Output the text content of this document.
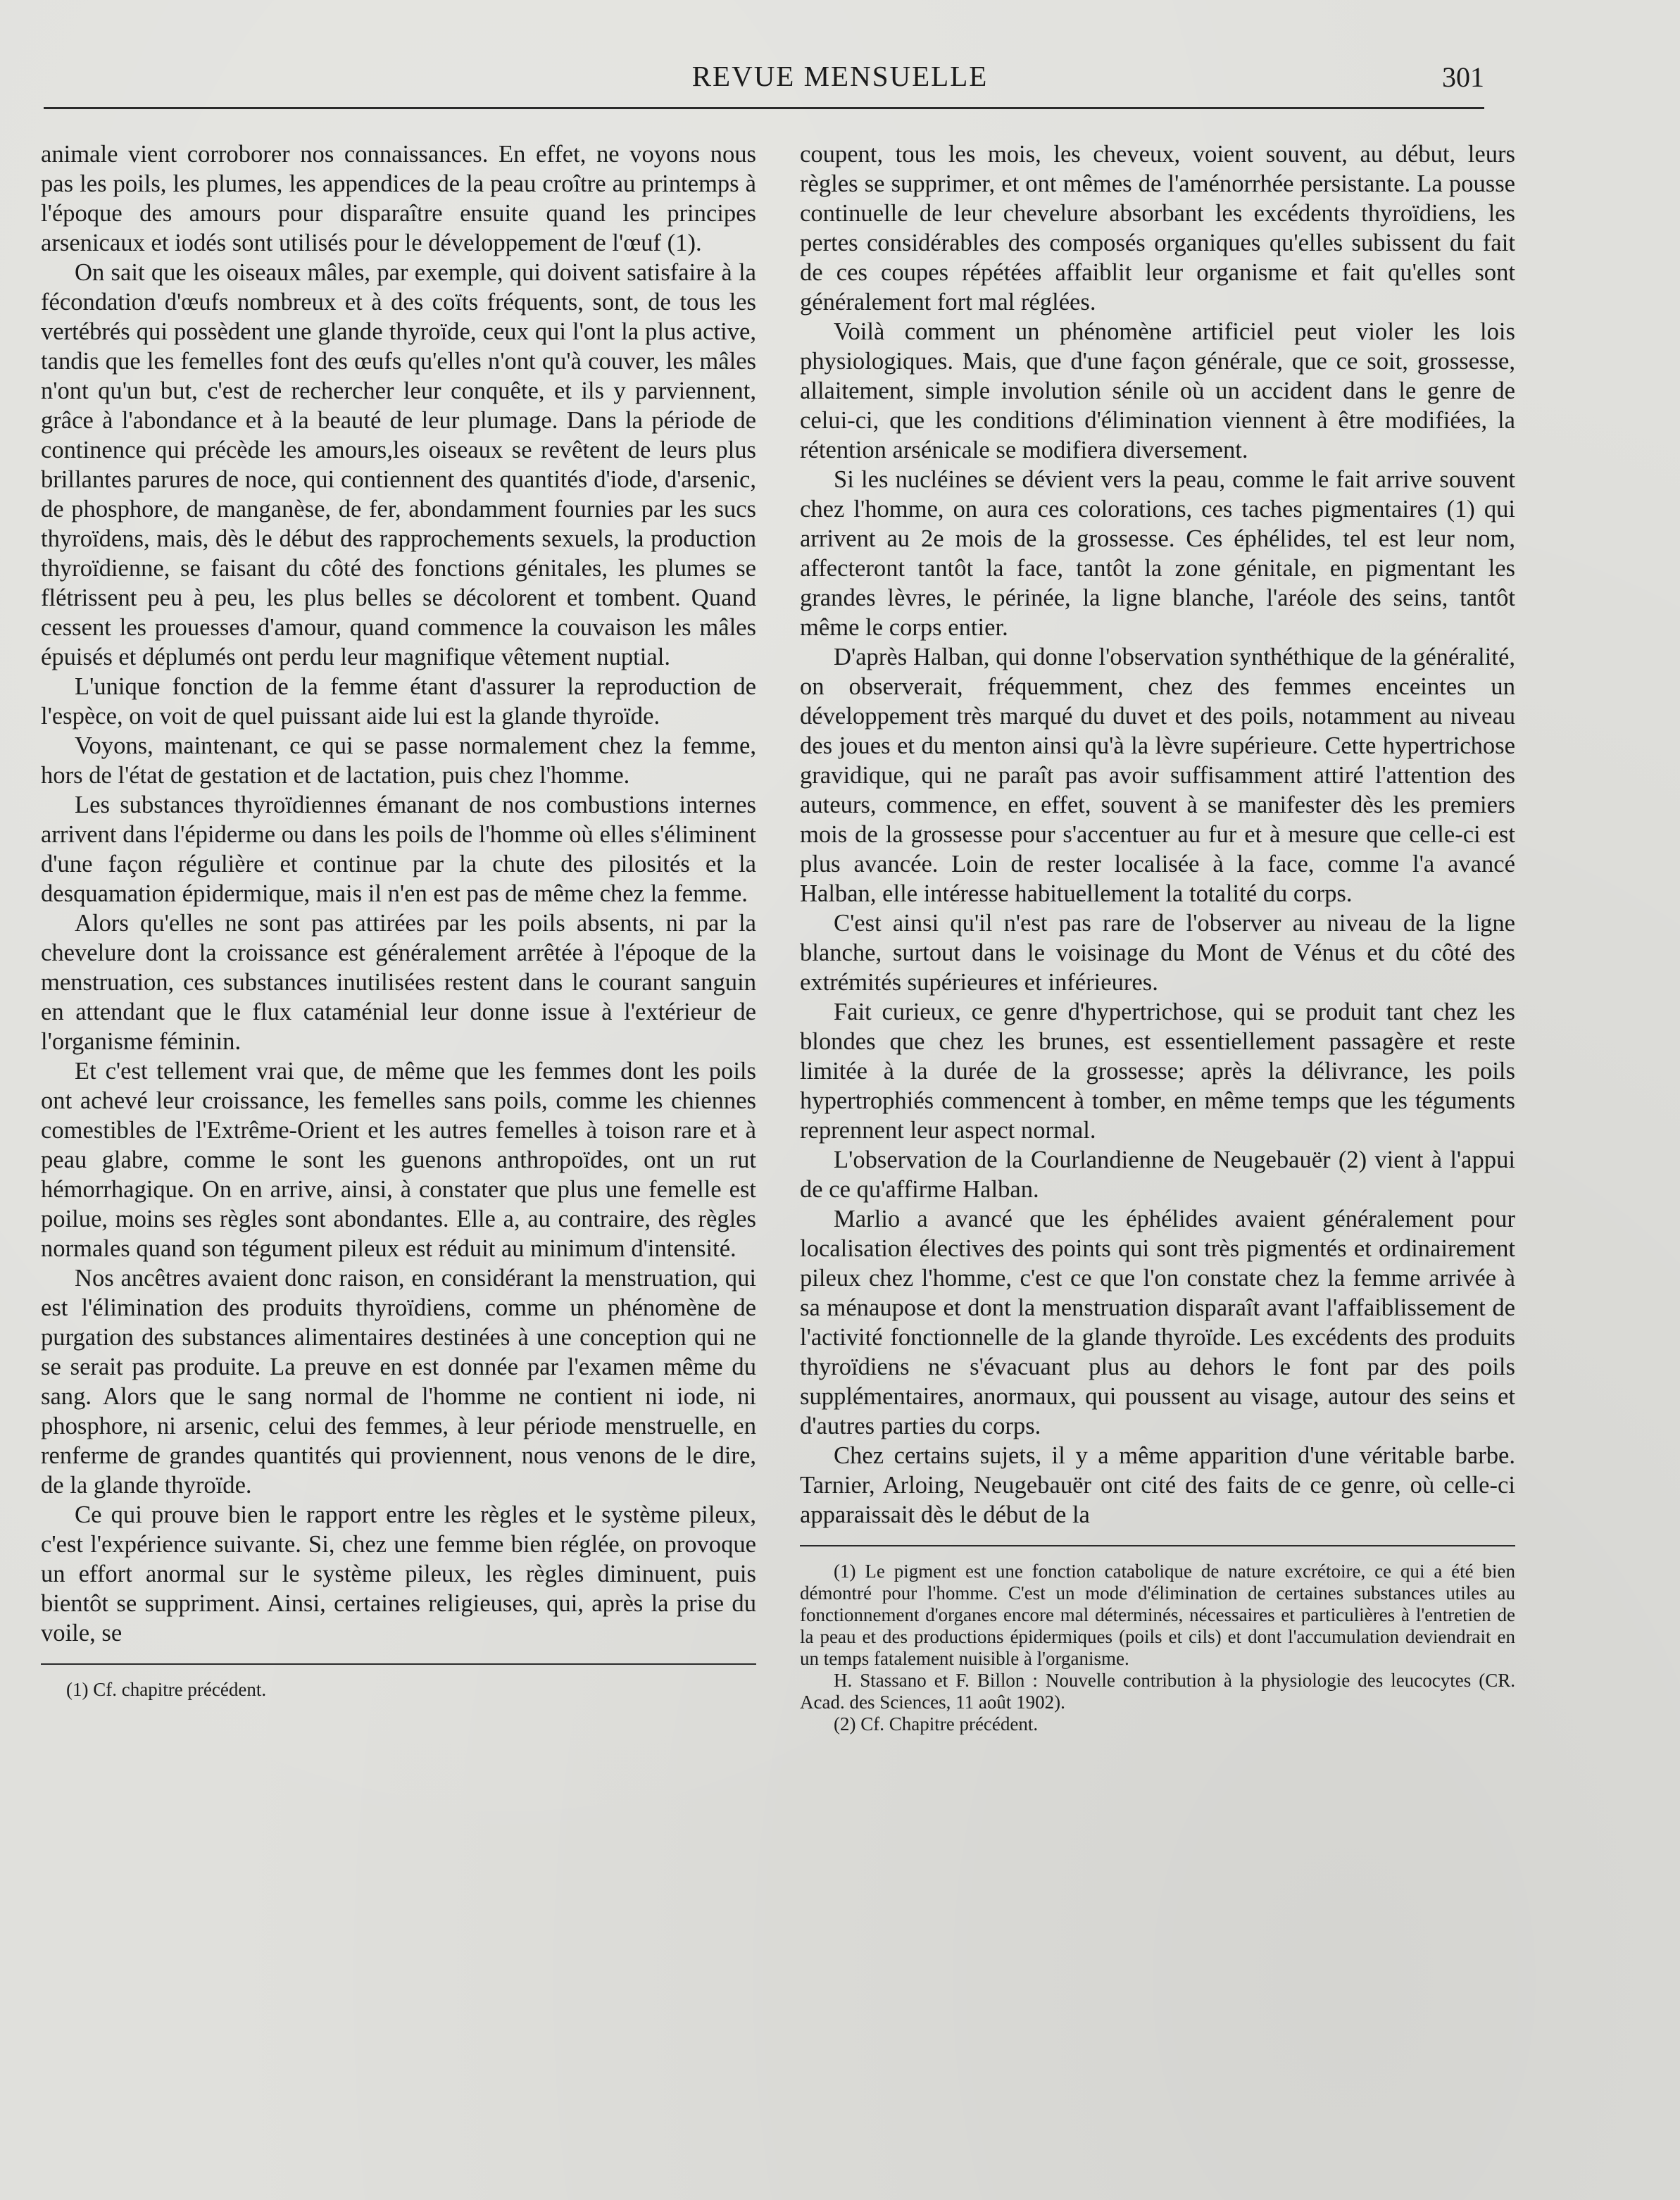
REVUE MENSUELLE	301

animale vient corroborer nos connaissances. En effet, ne voyons nous pas les poils, les plumes, les appendices de la peau croître au printemps à l'époque des amours pour disparaître ensuite quand les principes arsenicaux et iodés sont utilisés pour le développement de l'œuf (1).

On sait que les oiseaux mâles, par exemple, qui doivent satisfaire à la fécondation d'œufs nombreux et à des coïts fréquents, sont, de tous les vertébrés qui possèdent une glande thyroïde, ceux qui l'ont la plus active, tandis que les femelles font des œufs qu'elles n'ont qu'à couver, les mâles n'ont qu'un but, c'est de rechercher leur conquête, et ils y parviennent, grâce à l'abondance et à la beauté de leur plumage. Dans la période de continence qui précède les amours,les oiseaux se revêtent de leurs plus brillantes parures de noce, qui contiennent des quantités d'iode, d'arsenic, de phosphore, de manganèse, de fer, abondamment fournies par les sucs thyroïdens, mais, dès le début des rapprochements sexuels, la production thyroïdienne, se faisant du côté des fonctions génitales, les plumes se flétrissent peu à peu, les plus belles se décolorent et tombent. Quand cessent les prouesses d'amour, quand commence la couvaison les mâles épuisés et déplumés ont perdu leur magnifique vêtement nuptial.

L'unique fonction de la femme étant d'assurer la reproduction de l'espèce, on voit de quel puissant aide lui est la glande thyroïde.

Voyons, maintenant, ce qui se passe normalement chez la femme, hors de l'état de gestation et de lactation, puis chez l'homme.

Les substances thyroïdiennes émanant de nos combustions internes arrivent dans l'épiderme ou dans les poils de l'homme où elles s'éliminent d'une façon régulière et continue par la chute des pilosités et la desquamation épidermique, mais il n'en est pas de même chez la femme.

Alors qu'elles ne sont pas attirées par les poils absents, ni par la chevelure dont la croissance est généralement arrêtée à l'époque de la menstruation, ces substances inutilisées restent dans le courant sanguin en attendant que le flux cataménial leur donne issue à l'extérieur de l'organisme féminin.

Et c'est tellement vrai que, de même que les femmes dont les poils ont achevé leur croissance, les femelles sans poils, comme les chiennes comestibles de l'Extrême-Orient et les autres femelles à toison rare et à peau glabre, comme le sont les guenons anthropoïdes, ont un rut hémorrhagique. On en arrive, ainsi, à constater que plus une femelle est poilue, moins ses règles sont abondantes. Elle a, au contraire, des règles normales quand son tégument pileux est réduit au minimum d'intensité.

Nos ancêtres avaient donc raison, en considérant la menstruation, qui est l'élimination des produits thyroïdiens, comme un phénomène de purgation des substances alimentaires destinées à une conception qui ne se serait pas produite. La preuve en est donnée par l'examen même du sang. Alors que le sang normal de l'homme ne contient ni iode, ni phosphore, ni arsenic, celui des femmes, à leur période menstruelle, en renferme de grandes quantités qui proviennent, nous venons de le dire, de la glande thyroïde.

Ce qui prouve bien le rapport entre les règles et le système pileux, c'est l'expérience suivante. Si, chez une femme bien réglée, on provoque un effort anormal sur le système pileux, les règles diminuent, puis bientôt se suppriment. Ainsi, certaines religieuses, qui, après la prise du voile, se

(1) Cf. chapitre précédent.

coupent, tous les mois, les cheveux, voient souvent, au début, leurs règles se supprimer, et ont mêmes de l'aménorrhée persistante. La pousse continuelle de leur chevelure absorbant les excédents thyroïdiens, les pertes considérables des composés organiques qu'elles subissent du fait de ces coupes répétées affaiblit leur organisme et fait qu'elles sont généralement fort mal réglées.

Voilà comment un phénomène artificiel peut violer les lois physiologiques. Mais, que d'une façon générale, que ce soit, grossesse, allaitement, simple involution sénile où un accident dans le genre de celui-ci, que les conditions d'élimination viennent à être modifiées, la rétention arsénicale se modifiera diversement.

Si les nucléines se dévient vers la peau, comme le fait arrive souvent chez l'homme, on aura ces colorations, ces taches pigmentaires (1) qui arrivent au 2e mois de la grossesse. Ces éphélides, tel est leur nom, affecteront tantôt la face, tantôt la zone génitale, en pigmentant les grandes lèvres, le périnée, la ligne blanche, l'aréole des seins, tantôt même le corps entier.

D'après Halban, qui donne l'observation synthéthique de la généralité, on observerait, fréquemment, chez des femmes enceintes un développement très marqué du duvet et des poils, notamment au niveau des joues et du menton ainsi qu'à la lèvre supérieure. Cette hypertrichose gravidique, qui ne paraît pas avoir suffisamment attiré l'attention des auteurs, commence, en effet, souvent à se manifester dès les premiers mois de la grossesse pour s'accentuer au fur et à mesure que celle-ci est plus avancée. Loin de rester localisée à la face, comme l'a avancé Halban, elle intéresse habituellement la totalité du corps.

C'est ainsi qu'il n'est pas rare de l'observer au niveau de la ligne blanche, surtout dans le voisinage du Mont de Vénus et du côté des extrémités supérieures et inférieures.

Fait curieux, ce genre d'hypertrichose, qui se produit tant chez les blondes que chez les brunes, est essentiellement passagère et reste limitée à la durée de la grossesse; après la délivrance, les poils hypertrophiés commencent à tomber, en même temps que les téguments reprennent leur aspect normal.

L'observation de la Courlandienne de Neugebauër (2) vient à l'appui de ce qu'affirme Halban.

Marlio a avancé que les éphélides avaient généralement pour localisation électives des points qui sont très pigmentés et ordinairement pileux chez l'homme, c'est ce que l'on constate chez la femme arrivée à sa ménaupose et dont la menstruation disparaît avant l'affaiblissement de l'activité fonctionnelle de la glande thyroïde. Les excédents des produits thyroïdiens ne s'évacuant plus au dehors le font par des poils supplémentaires, anormaux, qui poussent au visage, autour des seins et d'autres parties du corps.

Chez certains sujets, il y a même apparition d'une véritable barbe. Tarnier, Arloing, Neugebauër ont cité des faits de ce genre, où celle-ci apparaissait dès le début de la

(1) Le pigment est une fonction catabolique de nature excrétoire, ce qui a été bien démontré pour l'homme. C'est un mode d'élimination de certaines substances utiles au fonctionnement d'organes encore mal déterminés, nécessaires et particulières à l'entretien de la peau et des productions épidermiques (poils et cils) et dont l'accumulation deviendrait en un temps fatalement nuisible à l'organisme.

H. Stassano et F. Billon : Nouvelle contribution à la physiologie des leucocytes (CR. Acad. des Sciences, 11 août 1902).

(2) Cf. Chapitre précédent.
